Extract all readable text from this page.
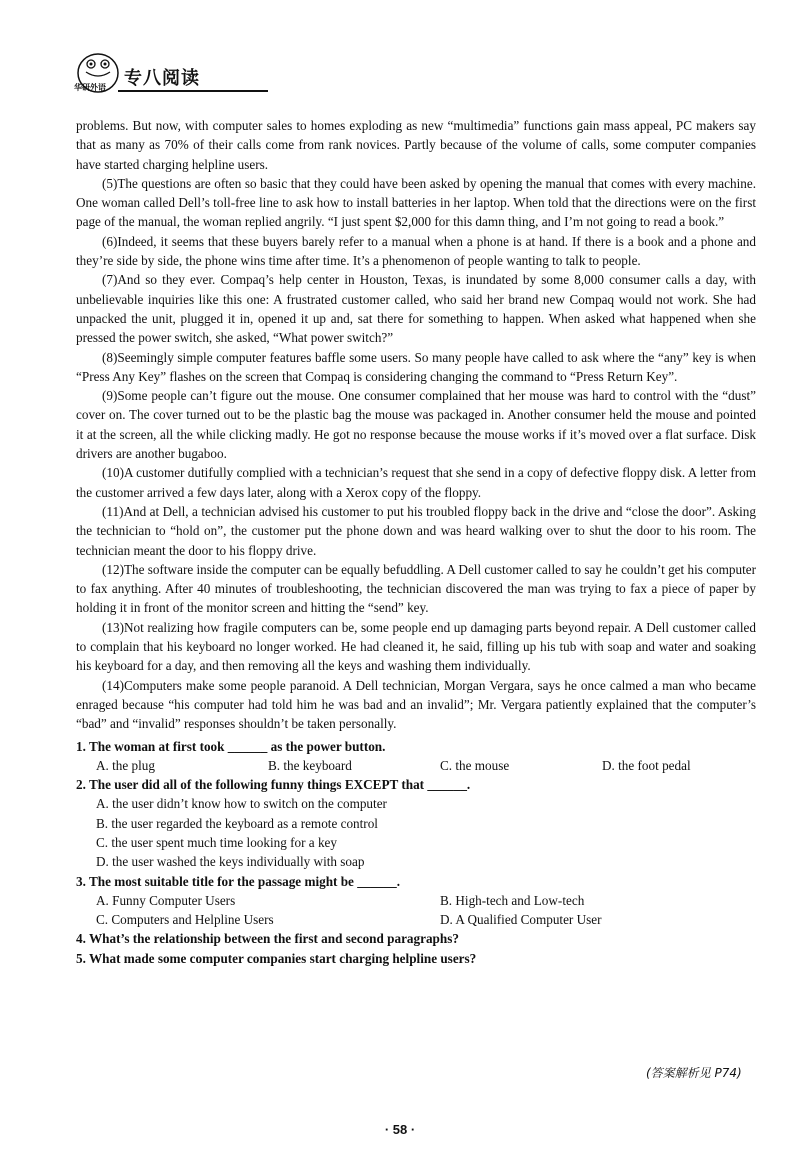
华研外语 专八阅读

problems. But now, with computer sales to homes exploding as new “multimedia” functions gain mass appeal, PC makers say that as many as 70% of their calls come from rank novices. Partly because of the volume of calls, some computer companies have started charging helpline users.

(5)The questions are often so basic that they could have been asked by opening the manual that comes with every machine. One woman called Dell’s toll-free line to ask how to install batteries in her laptop. When told that the directions were on the first page of the manual, the woman replied angrily. “I just spent $2,000 for this damn thing, and I’m not going to read a book.”

(6)Indeed, it seems that these buyers barely refer to a manual when a phone is at hand. If there is a book and a phone and they’re side by side, the phone wins time after time. It’s a phenomenon of people wanting to talk to people.

(7)And so they ever. Compaq’s help center in Houston, Texas, is inundated by some 8,000 consumer calls a day, with unbelievable inquiries like this one: A frustrated customer called, who said her brand new Compaq would not work. She had unpacked the unit, plugged it in, opened it up and, sat there for something to happen. When asked what happened when she pressed the power switch, she asked, “What power switch?”

(8)Seemingly simple computer features baffle some users. So many people have called to ask where the “any” key is when “Press Any Key” flashes on the screen that Compaq is considering changing the command to “Press Return Key”.

(9)Some people can’t figure out the mouse. One consumer complained that her mouse was hard to control with the “dust” cover on. The cover turned out to be the plastic bag the mouse was packaged in. Another consumer held the mouse and pointed it at the screen, all the while clicking madly. He got no response because the mouse works if it’s moved over a flat surface. Disk drivers are another bugaboo.

(10)A customer dutifully complied with a technician’s request that she send in a copy of defective floppy disk. A letter from the customer arrived a few days later, along with a Xerox copy of the floppy.

(11)And at Dell, a technician advised his customer to put his troubled floppy back in the drive and “close the door”. Asking the technician to “hold on”, the customer put the phone down and was heard walking over to shut the door to his room. The technician meant the door to his floppy drive.

(12)The software inside the computer can be equally befuddling. A Dell customer called to say he couldn’t get his computer to fax anything. After 40 minutes of troubleshooting, the technician discovered the man was trying to fax a piece of paper by holding it in front of the monitor screen and hitting the “send” key.

(13)Not realizing how fragile computers can be, some people end up damaging parts beyond repair. A Dell customer called to complain that his keyboard no longer worked. He had cleaned it, he said, filling up his tub with soap and water and soaking his keyboard for a day, and then removing all the keys and washing them individually.

(14)Computers make some people paranoid. A Dell technician, Morgan Vergara, says he once calmed a man who became enraged because “his computer had told him he was bad and an invalid”; Mr. Vergara patiently explained that the computer’s “bad” and “invalid” responses shouldn’t be taken personally.

1. The woman at first took ______ as the power button.
A. the plug	B. the keyboard	C. the mouse	D. the foot pedal
2. The user did all of the following funny things EXCEPT that ______.
A. the user didn’t know how to switch on the computer
B. the user regarded the keyboard as a remote control
C. the user spent much time looking for a key
D. the user washed the keys individually with soap
3. The most suitable title for the passage might be ______.
A. Funny Computer Users	B. High-tech and Low-tech
C. Computers and Helpline Users	D. A Qualified Computer User
4. What’s the relationship between the first and second paragraphs?
5. What made some computer companies start charging helpline users?
(答案解析见 P74)
· 58 ·
